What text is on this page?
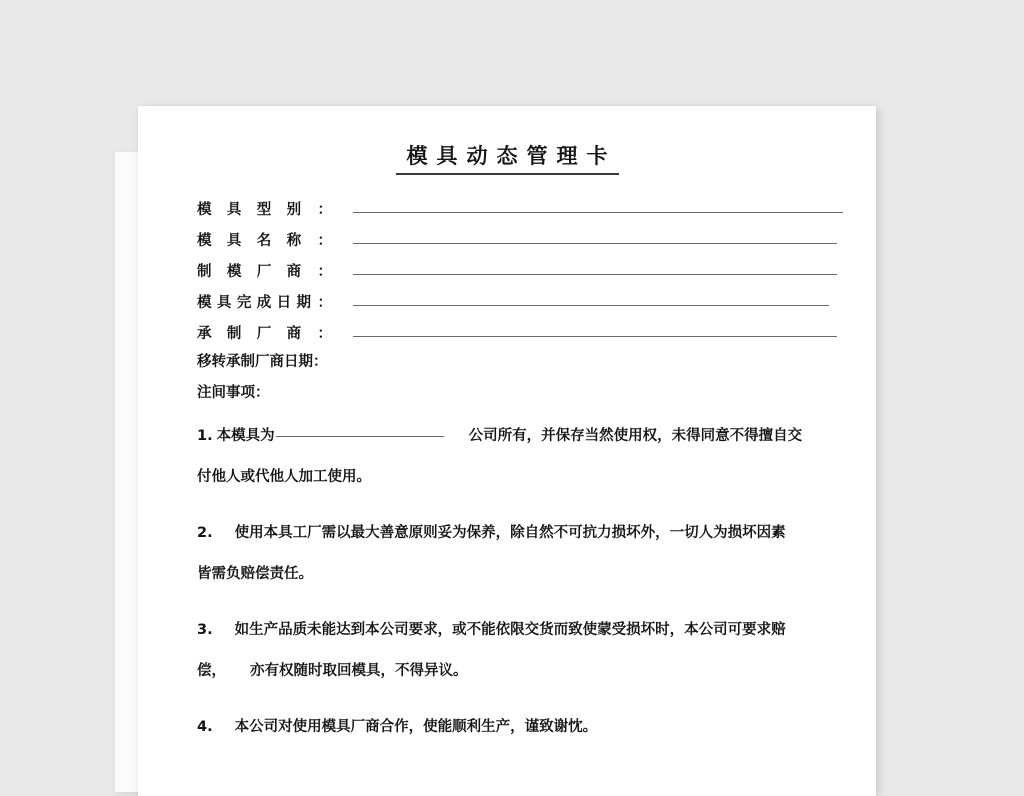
模具动态管理卡
模 具 型 别 ：
模 具 名 称 ：
制 模 厂 商 ：
模 具 完 成 日 期 ：
承 制 厂 商 ：
移转承制厂商日期：
注间事项：
1. 本模具为	公司所有，并保存当然使用权，未得同意不得擅自交
付他人或代他人加工使用。
2. 使用本具工厂需以最大善意原则妥为保养，除自然不可抗力损坏外，一切人为损坏因素
皆需负赔偿责任。
3. 如生产品质未能达到本公司要求，或不能依限交货而致使蒙受损坏时，本公司可要求赔
偿， 亦有权随时取回模具，不得异议。
4. 本公司对使用模具厂商合作，使能顺利生产，谨致谢忱。
